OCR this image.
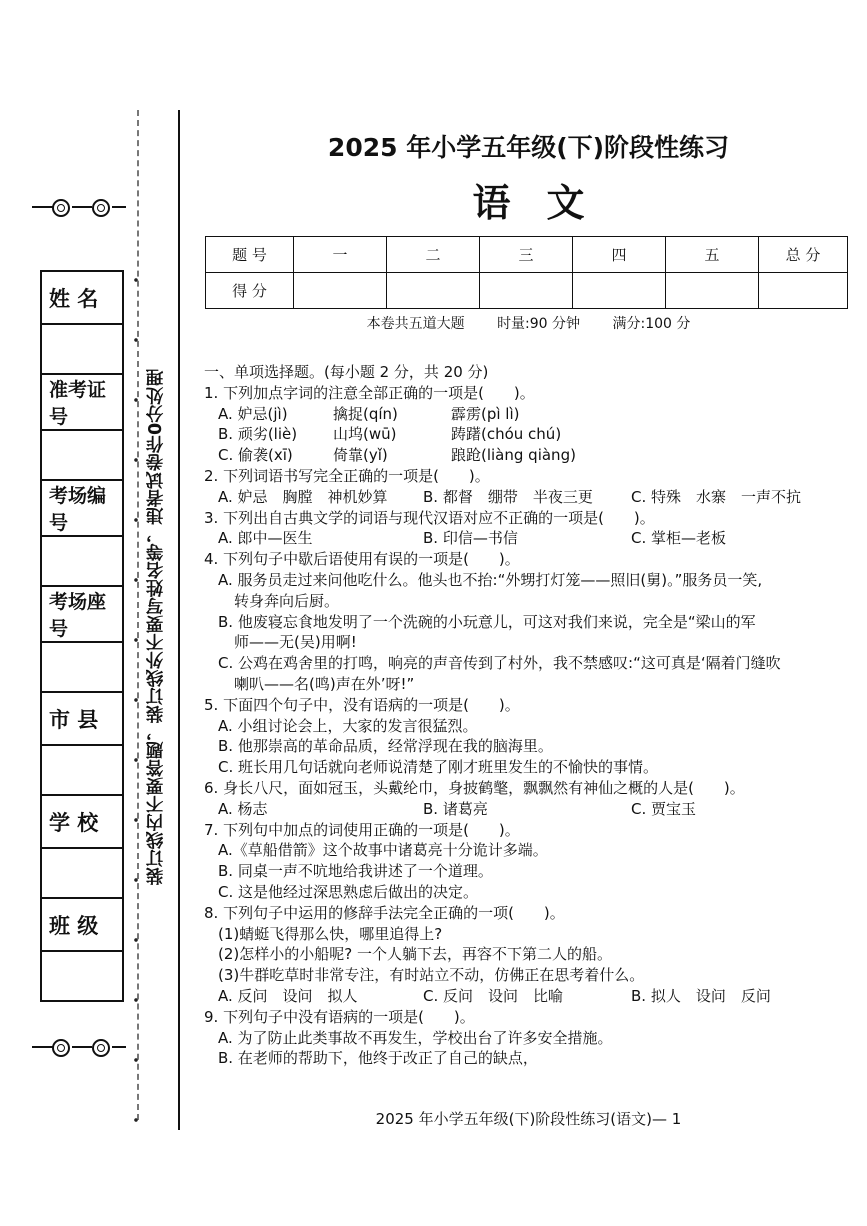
姓 名

准考证号

考场编号

考场座号

市 县

学 校

班 级

装订线内不要答题，装订线外不要写姓名等，违者试卷作0分处理
2025 年小学五年级(下)阶段性练习
语文
题 号	一	二	三	四	五	总 分
得 分						
本卷共五道大题 时量:90 分钟 满分:100 分
一、单项选择题。(每小题 2 分，共 20 分)
1. 下列加点字词的注意全部正确的一项是(　　)。
A. 妒忌(jì)	擒捉(qín)	霹雳(pì lì)
B. 顽劣(liè)	山坞(wū)	踌躇(chóu chú)
C. 偷袭(xī)	倚靠(yǐ)	踉跄(liàng qiàng)
2. 下列词语书写完全正确的一项是(　　)。
A. 妒忌　胸膛　神机妙算	B. 都督　绷带　半夜三更	C. 特殊　水寨　一声不抗
3. 下列出自古典文学的词语与现代汉语对应不正确的一项是(　　)。
A. 郎中—医生	B. 印信—书信	C. 掌柜—老板
4. 下列句子中歇后语使用有误的一项是(　　)。
A. 服务员走过来问他吃什么。他头也不抬:“外甥打灯笼——照旧(舅)。”服务员一笑,
转身奔向后厨。
B. 他废寝忘食地发明了一个洗碗的小玩意儿，可这对我们来说，完全是“梁山的军
师——无(吴)用啊!
C. 公鸡在鸡舍里的打鸣，响亮的声音传到了村外，我不禁感叹:“这可真是‘隔着门缝吹
喇叭——名(鸣)声在外’呀!”
5. 下面四个句子中，没有语病的一项是(　　)。
A. 小组讨论会上，大家的发言很猛烈。
B. 他那崇高的革命品质，经常浮现在我的脑海里。
C. 班长用几句话就向老师说清楚了刚才班里发生的不愉快的事情。
6. 身长八尺，面如冠玉，头戴纶巾，身披鹤氅，飘飘然有神仙之概的人是(　　)。
A. 杨志	B. 诸葛亮	C. 贾宝玉
7. 下列句中加点的词使用正确的一项是(　　)。
A.《草船借箭》这个故事中诸葛亮十分诡计多端。
B. 同桌一声不吭地给我讲述了一个道理。
C. 这是他经过深思熟虑后做出的决定。
8. 下列句子中运用的修辞手法完全正确的一项(　　)。
(1)蜻蜓飞得那么快，哪里追得上?
(2)怎样小的小船呢? 一个人躺下去，再容不下第二人的船。
(3)牛群吃草时非常专注，有时站立不动，仿佛正在思考着什么。
A. 反问　设问　拟人	C. 反问　设问　比喻	B. 拟人　设问　反问
9. 下列句子中没有语病的一项是(　　)。
A. 为了防止此类事故不再发生，学校出台了许多安全措施。
B. 在老师的帮助下，他终于改正了自己的缺点，
2025 年小学五年级(下)阶段性练习(语文)— 1
